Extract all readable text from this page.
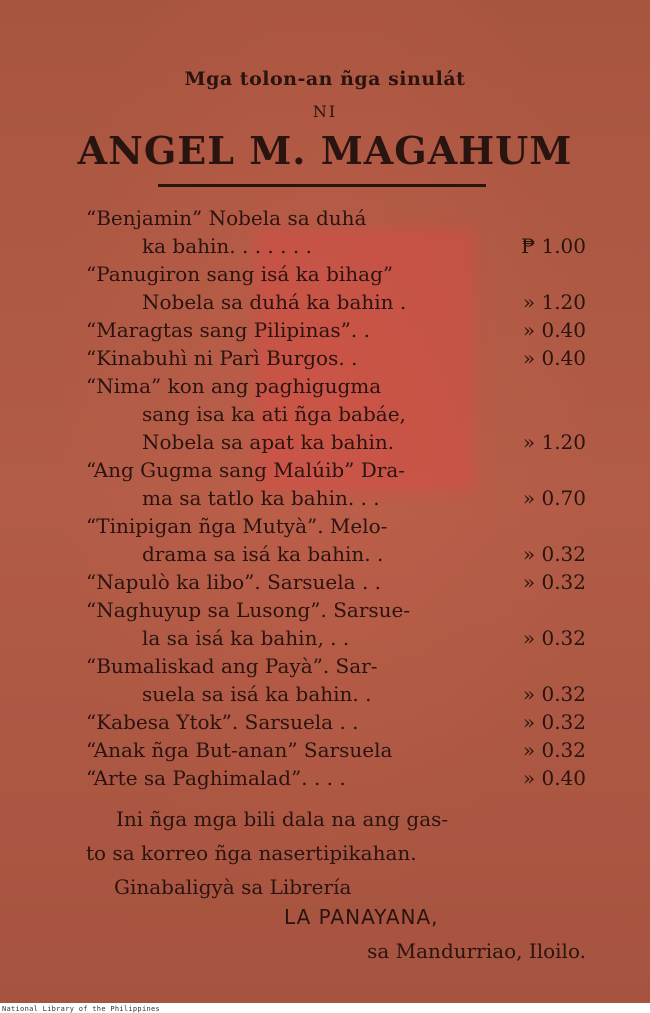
Mga tolon-an ñga sinulát
NI
ANGEL M. MAGAHUM
“Benjamin” Nobela sa duhá
ka bahin. . . . . . .	₱ 1.00
“Panugiron sang isá ka bihag”
Nobela sa duhá ka bahin .	» 1.20
“Maragtas sang Pilipinas”. .	» 0.40
“Kinabuhì ni Parì Burgos. .	» 0.40
“Nima” kon ang paghigugma
sang isa ka ati ñga babáe,
Nobela sa apat ka bahin.	» 1.20
“Ang Gugma sang Malúib” Dra-
ma sa tatlo ka bahin. . .	» 0.70
“Tinipigan ñga Mutyà”. Melo-
drama sa isá ka bahin. .	» 0.32
“Napulò ka libo”. Sarsuela . .	» 0.32
“Naghuyup sa Lusong”. Sarsue-
la sa isá ka bahin, . .	» 0.32
“Bumaliskad ang Payà”. Sar-
suela sa isá ka bahin. .	» 0.32
“Kabesa Ytok”. Sarsuela . .	» 0.32
“Anak ñga But-anan” Sarsuela	» 0.32
“Arte sa Paghimalad”. . . .	» 0.40
Ini ñga mga bili dala na ang gas-
to sa korreo ñga nasertipikahan.
Ginabaligyà sa Librería
LA PANAYANA,
sa Mandurriao, Iloilo.
National Library of the Philippines
